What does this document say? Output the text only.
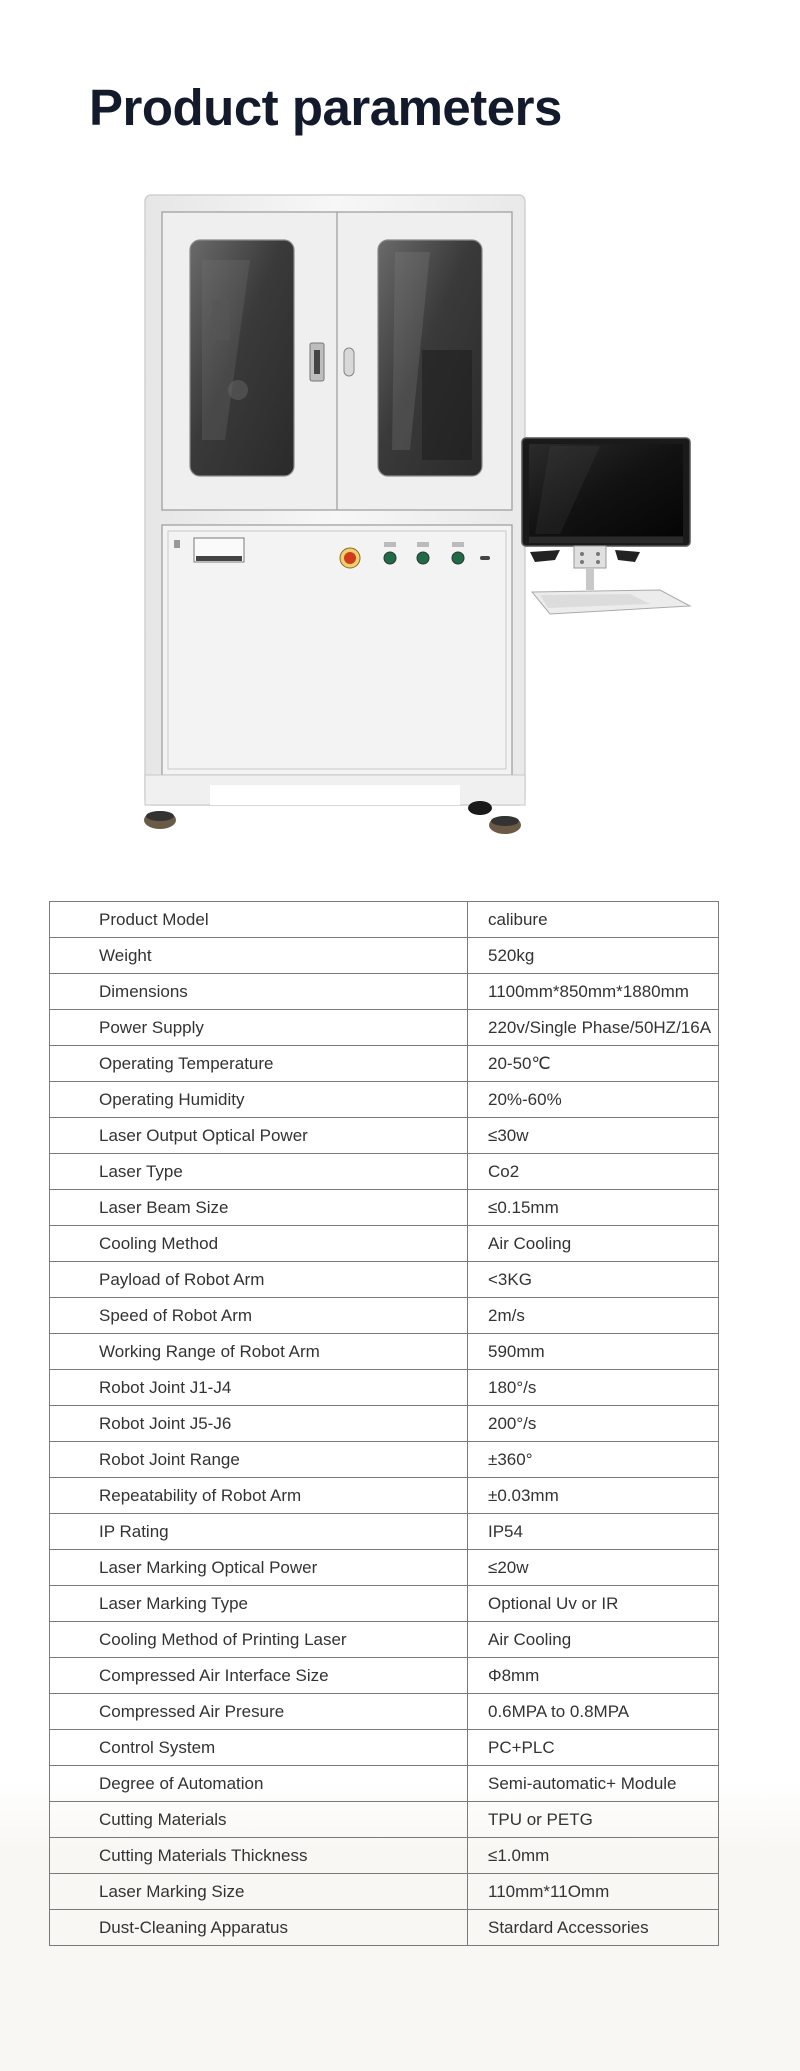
Product parameters
Product Model	calibure
Weight	520kg
Dimensions	1100mm*850mm*1880mm
Power Supply	220v/Single Phase/50HZ/16A
Operating Temperature	20-50℃
Operating Humidity	20%-60%
Laser Output Optical Power	≤30w
Laser Type	Co2
Laser Beam Size	≤0.15mm
Cooling Method	Air Cooling
Payload of Robot Arm	<3KG
Speed of Robot Arm	2m/s
Working Range of Robot Arm	590mm
Robot Joint J1-J4	180°/s
Robot Joint J5-J6	200°/s
Robot Joint Range	±360°
Repeatability of Robot Arm	±0.03mm
IP Rating	IP54
Laser Marking Optical Power	≤20w
Laser Marking Type	Optional Uv or IR
Cooling Method of Printing Laser	Air Cooling
Compressed Air Interface Size	Φ8mm
Compressed Air Presure	0.6MPA to 0.8MPA
Control System	PC+PLC
Degree of Automation	Semi-automatic+ Module
Cutting Materials	TPU or PETG
Cutting Materials Thickness	≤1.0mm
Laser Marking Size	110mm*11Omm
Dust-Cleaning Apparatus	Stardard Accessories
